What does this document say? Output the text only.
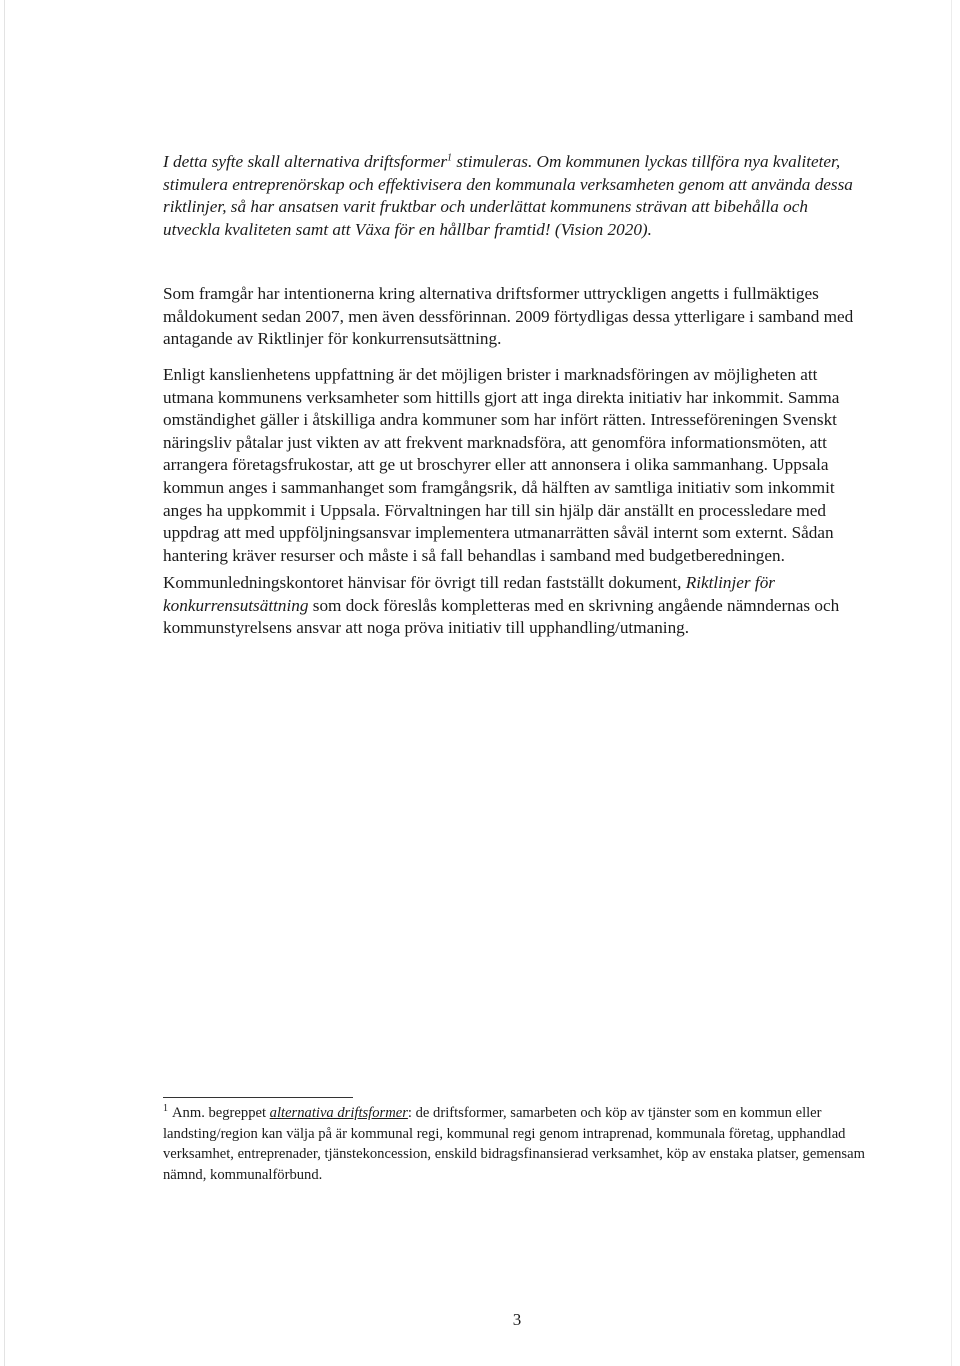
I detta syfte skall alternativa driftsformer$^1$ stimuleras. Om kommunen lyckas tillföra nya kvaliteter, stimulera entreprenörskap och effektivisera den kommunala verksamheten genom att använda dessa riktlinjer, så har ansatsen varit fruktbar och underlättat kommunens strävan att bibehålla och utveckla kvaliteten samt att Växa för en hållbar framtid! (Vision 2020).

Som framgår har intentionerna kring alternativa driftsformer uttryckligen angetts i fullmäktiges måldokument sedan 2007, men även dessförinnan. 2009 förtydligas dessa ytterligare i samband med antagande av Riktlinjer för konkurrensutsättning.

Enligt kanslienhetens uppfattning är det möjligen brister i marknadsföringen av möjligheten att utmana kommunens verksamheter som hittills gjort att inga direkta initiativ har inkommit. Samma omständighet gäller i åtskilliga andra kommuner som har infört rätten. Intresseföreningen Svenskt näringsliv påtalar just vikten av att frekvent marknadsföra, att genomföra informationsmöten, att arrangera företagsfrukostar, att ge ut broschyrer eller att annonsera i olika sammanhang. Uppsala kommun anges i sammanhanget som framgångsrik, då hälften av samtliga initiativ som inkommit anges ha uppkommit i Uppsala. Förvaltningen har till sin hjälp där anställt en processledare med uppdrag att med uppföljningsansvar implementera utmanarrätten såväl internt som externt. Sådan hantering kräver resurser och måste i så fall behandlas i samband med budgetberedningen.

Kommunledningskontoret hänvisar för övrigt till redan fastställt dokument, Riktlinjer för konkurrensutsättning som dock föreslås kompletteras med en skrivning angående nämndernas och kommunstyrelsens ansvar att noga pröva initiativ till upphandling/utmaning.

$^1$ Anm. begreppet alternativa driftsformer: de driftsformer, samarbeten och köp av tjänster som en kommun eller landsting/region kan välja på är kommunal regi, kommunal regi genom intraprenad, kommunala företag, upphandlad verksamhet, entreprenader, tjänstekoncession, enskild bidragsfinansierad verksamhet, köp av enstaka platser, gemensam nämnd, kommunalförbund.

3
